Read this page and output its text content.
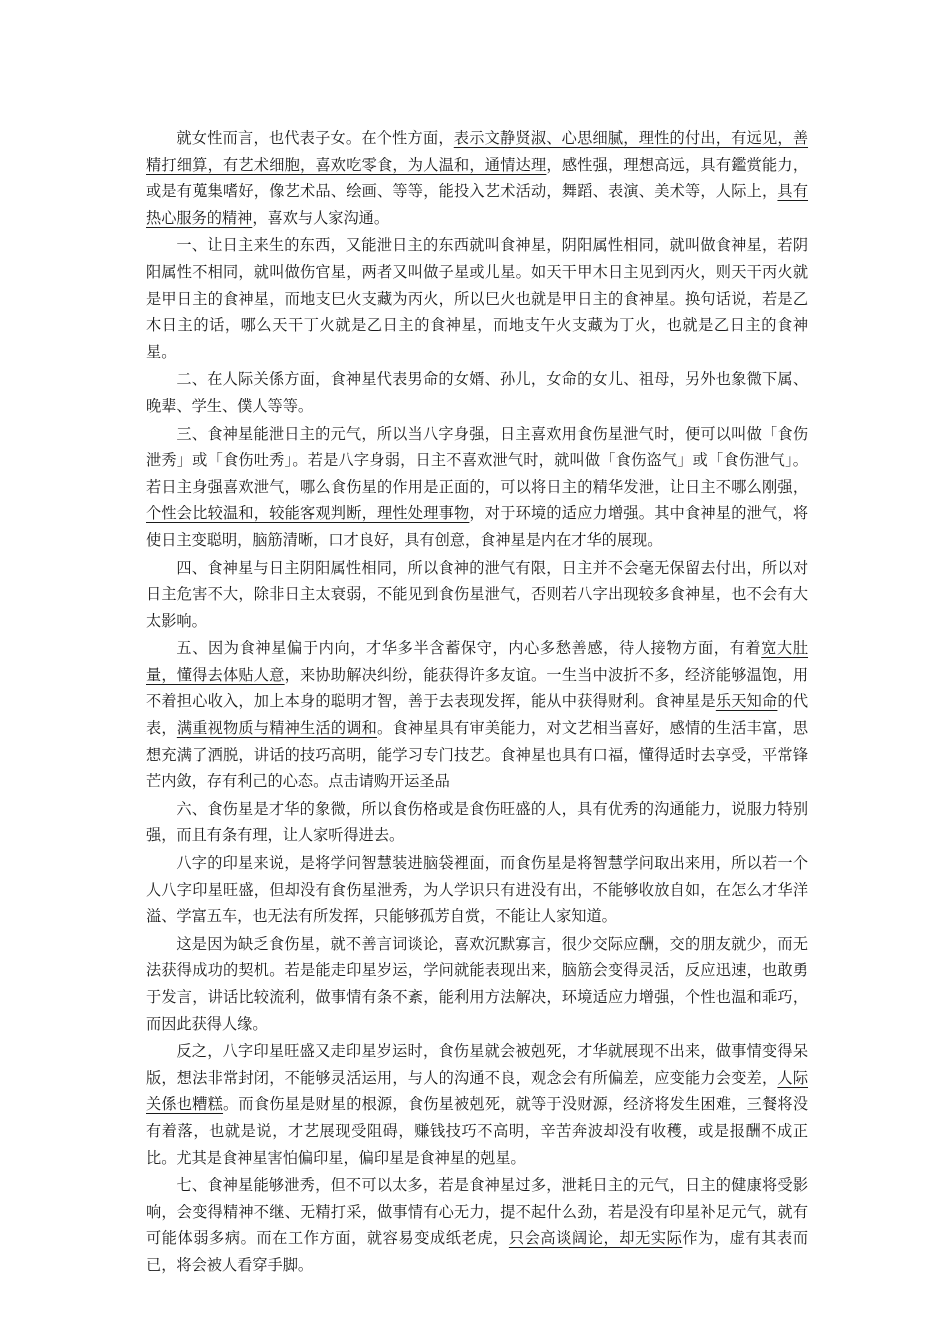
就女性而言，也代表子女。在个性方面，表示文静贤淑、心思细腻，理性的付出，有远见，善精打细算，有艺术细胞，喜欢吃零食，为人温和，通情达理，感性强，理想高远，具有鑑赏能力，或是有蒐集嗜好，像艺术品、绘画、等等，能投入艺术活动，舞蹈、表演、美术等，人际上，具有热心服务的精神，喜欢与人家沟通。

一、让日主来生的东西，又能泄日主的东西就叫食神星，阴阳属性相同，就叫做食神星，若阴阳属性不相同，就叫做伤官星，两者又叫做子星或儿星。如天干甲木日主见到丙火，则天干丙火就是甲日主的食神星，而地支巳火支藏为丙火，所以巳火也就是甲日主的食神星。换句话说，若是乙木日主的话，哪么天干丁火就是乙日主的食神星，而地支午火支藏为丁火，也就是乙日主的食神星。

二、在人际关係方面，食神星代表男命的女婿、孙儿，女命的女儿、祖母，另外也象微下属、晚辈、学生、僕人等等。

三、食神星能泄日主的元气，所以当八字身强，日主喜欢用食伤星泄气时，便可以叫做「食伤泄秀」或「食伤吐秀」。若是八字身弱，日主不喜欢泄气时，就叫做「食伤盗气」或「食伤泄气」。若日主身强喜欢泄气，哪么食伤星的作用是正面的，可以将日主的精华发泄，让日主不哪么刚强，个性会比较温和，较能客观判断，理性处理事物，对于环境的适应力增强。其中食神星的泄气，将使日主变聪明，脑筋清晰，口才良好，具有创意，食神星是内在才华的展现。

四、食神星与日主阴阳属性相同，所以食神的泄气有限，日主并不会毫无保留去付出，所以对日主危害不大，除非日主太衰弱，不能见到食伤星泄气，否则若八字出现较多食神星，也不会有大太影响。

五、因为食神星偏于内向，才华多半含蓄保守，内心多愁善感，待人接物方面，有着宽大肚量，懂得去体贴人意，来协助解决纠纷，能获得许多友谊。一生当中波折不多，经济能够温饱，用不着担心收入，加上本身的聪明才智，善于去表现发挥，能从中获得财利。食神星是乐天知命的代表，满重视物质与精神生活的调和。食神星具有审美能力，对文艺相当喜好，感情的生活丰富，思想充满了洒脱，讲话的技巧高明，能学习专门技艺。食神星也具有口福，懂得适时去享受，平常锋芒内敛，存有利己的心态。点击请购开运圣品

六、食伤星是才华的象微，所以食伤格或是食伤旺盛的人，具有优秀的沟通能力，说服力特别强，而且有条有理，让人家听得进去。

八字的印星来说，是将学问智慧装进脑袋裡面，而食伤星是将智慧学问取出来用，所以若一个人八字印星旺盛，但却没有食伤星泄秀，为人学识只有进没有出，不能够收放自如，在怎么才华洋溢、学富五车，也无法有所发挥，只能够孤芳自赏，不能让人家知道。

这是因为缺乏食伤星，就不善言词谈论，喜欢沉默寡言，很少交际应酬，交的朋友就少，而无法获得成功的契机。若是能走印星岁运，学问就能表现出来，脑筋会变得灵活，反应迅速，也敢勇于发言，讲话比较流利，做事情有条不紊，能利用方法解决，环境适应力增强，个性也温和乖巧，而因此获得人缘。

反之，八字印星旺盛又走印星岁运时，食伤星就会被剋死，才华就展现不出来，做事情变得呆版，想法非常封闭，不能够灵活运用，与人的沟通不良，观念会有所偏差，应变能力会变差，人际关係也糟糕。而食伤星是财星的根源，食伤星被剋死，就等于没财源，经济将发生困难，三餐将没有着落，也就是说，才艺展现受阻碍，赚钱技巧不高明，辛苦奔波却没有收穫，或是报酬不成正比。尤其是食神星害怕偏印星，偏印星是食神星的剋星。

七、食神星能够泄秀，但不可以太多，若是食神星过多，泄耗日主的元气，日主的健康将受影响，会变得精神不继、无精打采，做事情有心无力，提不起什么劲，若是没有印星补足元气，就有可能体弱多病。而在工作方面，就容易变成纸老虎，只会高谈阔论，却无实际作为，虚有其表而已，将会被人看穿手脚。
